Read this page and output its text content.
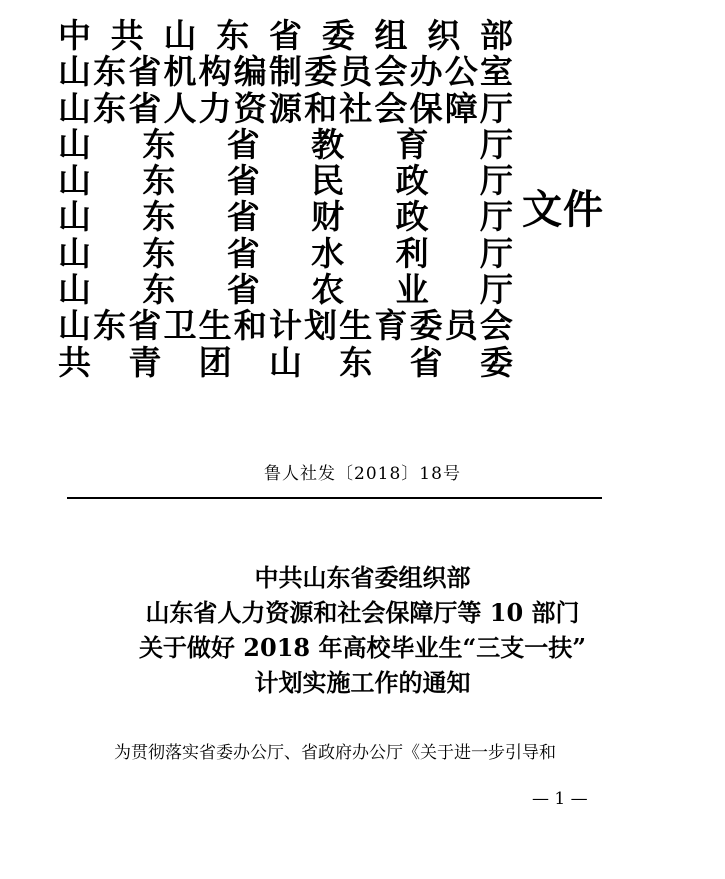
中 共 山 东 省 委 组 织 部
山 东 省 机 构 编 制 委 员 会 办 公 室
山 东 省 人 力 资 源 和 社 会 保 障 厅
山 东 省 教 育 厅
山 东 省 民 政 厅
山 东 省 财 政 厅
山 东 省 水 利 厅
山 东 省 农 业 厅
山 东 省 卫 生 和 计 划 生 育 委 员 会
共 青 团 山 东 省 委
文件
鲁人社发〔2018〕18号
中共山东省委组织部
山东省人力资源和社会保障厅等 10 部门
关于做好 2018 年高校毕业生“三支一扶”
计划实施工作的通知
为贯彻落实省委办公厅、省政府办公厅《关于进一步引导和
— 1 —
